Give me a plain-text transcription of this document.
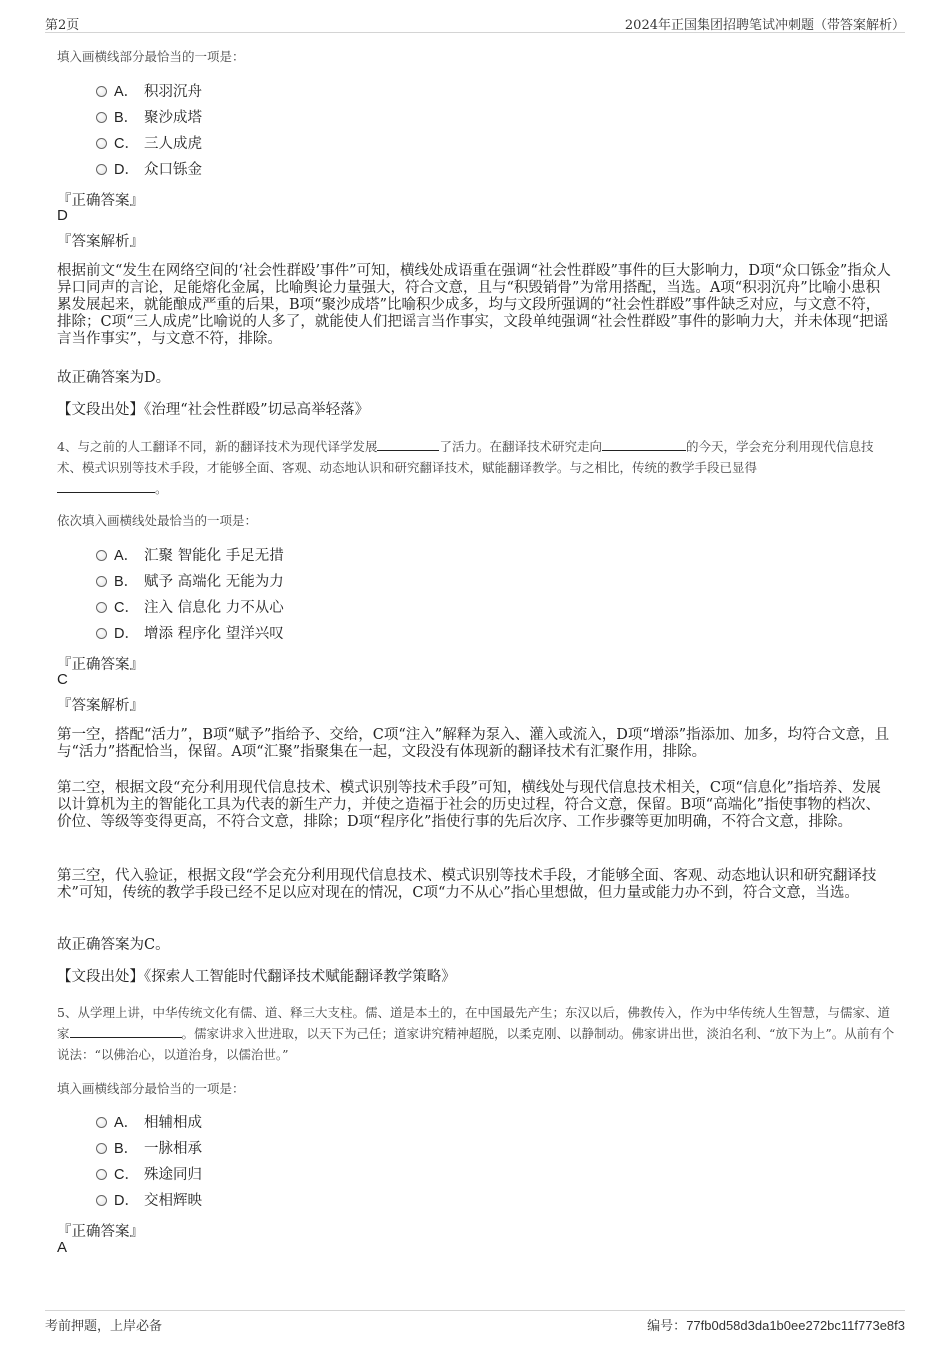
第2页	2024年正国集团招聘笔试冲刺题（带答案解析）
填入画横线部分最恰当的一项是：
A． 积羽沉舟
B． 聚沙成塔
C． 三人成虎
D． 众口铄金
『正确答案』
D
『答案解析』
根据前文“发生在网络空间的‘社会性群殴’事件”可知，横线处成语重在强调“社会性群殴”事件的巨大影响力，D项“众口铄金”指众人异口同声的言论，足能熔化金属，比喻舆论力量强大，符合文意，且与“积毁销骨”为常用搭配，当选。A项“积羽沉舟”比喻小患积累发展起来，就能酿成严重的后果，B项“聚沙成塔”比喻积少成多，均与文段所强调的“社会性群殴”事件缺乏对应，与文意不符，排除；C项“三人成虎”比喻说的人多了，就能使人们把谣言当作事实，文段单纯强调“社会性群殴”事件的影响力大，并未体现“把谣言当作事实”，与文意不符，排除。
故正确答案为D。
【文段出处】《治理“社会性群殴”切忌高举轻落》
4、与之前的人工翻译不同，新的翻译技术为现代译学发展	了活力。在翻译技术研究走向	的今天，学会充分利用现代信息技术、模式识别等技术手段，才能够全面、客观、动态地认识和研究翻译技术，赋能翻译教学。与之相比，传统的教学手段已显得
。
依次填入画横线处最恰当的一项是：
A． 汇聚 智能化 手足无措
B． 赋予 高端化 无能为力
C． 注入 信息化 力不从心
D． 增添 程序化 望洋兴叹
『正确答案』
C
『答案解析』
第一空，搭配“活力”，B项“赋予”指给予、交给，C项“注入”解释为泵入、灌入或流入，D项“增添”指添加、加多，均符合文意，且与“活力”搭配恰当，保留。A项“汇聚”指聚集在一起，文段没有体现新的翻译技术有汇聚作用，排除。
第二空，根据文段“充分利用现代信息技术、模式识别等技术手段”可知，横线处与现代信息技术相关，C项“信息化”指培养、发展以计算机为主的智能化工具为代表的新生产力，并使之造福于社会的历史过程，符合文意，保留。B项“高端化”指使事物的档次、价位、等级等变得更高，不符合文意，排除；D项“程序化”指使行事的先后次序、工作步骤等更加明确，不符合文意，排除。
第三空，代入验证，根据文段“学会充分利用现代信息技术、模式识别等技术手段，才能够全面、客观、动态地认识和研究翻译技术”可知，传统的教学手段已经不足以应对现在的情况，C项“力不从心”指心里想做，但力量或能力办不到，符合文意，当选。
故正确答案为C。
【文段出处】《探索人工智能时代翻译技术赋能翻译教学策略》
5、从学理上讲，中华传统文化有儒、道、释三大支柱。儒、道是本土的，在中国最先产生；东汉以后，佛教传入，作为中华传统人生智慧，与儒家、道家	。儒家讲求入世进取，以天下为己任；道家讲究精神超脱，以柔克刚、以静制动。佛家讲出世，淡泊名利、“放下为上”。从前有个说法：“以佛治心，以道治身，以儒治世。”
填入画横线部分最恰当的一项是：
A． 相辅相成
B． 一脉相承
C． 殊途同归
D． 交相辉映
『正确答案』
A
考前押题，上岸必备	编号：77fb0d58d3da1b0ee272bc11f773e8f3
